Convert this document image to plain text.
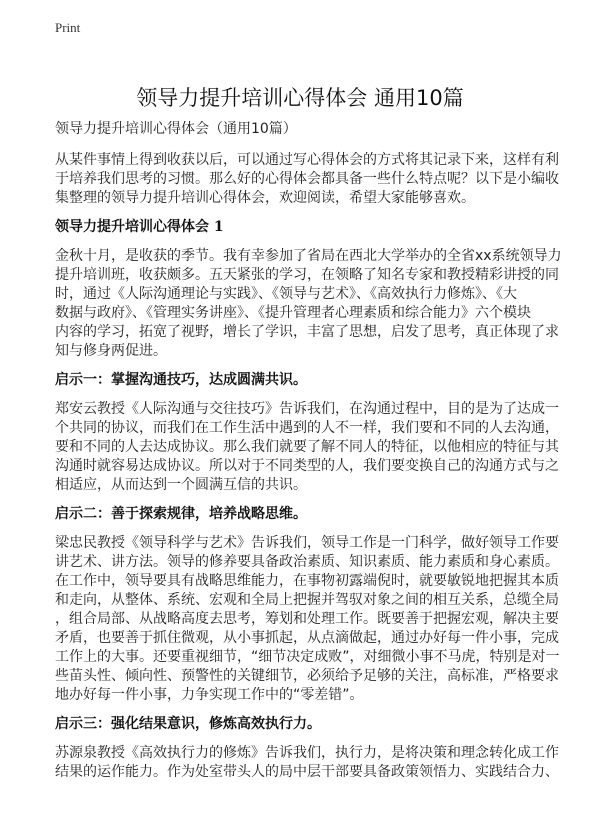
Print
领导力提升培训心得体会 通用10篇
领导力提升培训心得体会（通用10篇）

从某件事情上得到收获以后，可以通过写心得体会的方式将其记录下来，这样有利
于培养我们思考的习惯。那么好的心得体会都具备一些什么特点呢？以下是小编收
集整理的领导力提升培训心得体会，欢迎阅读，希望大家能够喜欢。

领导力提升培训心得体会 1

金秋十月，是收获的季节。我有幸参加了省局在西北大学举办的全省xx系统领导力
提升培训班，收获颇多。五天紧张的学习，在领略了知名专家和教授精彩讲授的同
时，通过《人际沟通理论与实践》、《领导与艺术》、《高效执行力修炼》、《大
数据与政府》、《管理实务讲座》、《提升管理者心理素质和综合能力》六个模块
内容的学习，拓宽了视野，增长了学识，丰富了思想，启发了思考，真正体现了求
知与修身两促进。

启示一：掌握沟通技巧，达成圆满共识。

郑安云教授《人际沟通与交往技巧》告诉我们，在沟通过程中，目的是为了达成一
个共同的协议，而我们在工作生活中遇到的人不一样，我们要和不同的人去沟通，
要和不同的人去达成协议。那么我们就要了解不同人的特征，以他相应的特征与其
沟通时就容易达成协议。所以对于不同类型的人，我们要变换自己的沟通方式与之
相适应，从而达到一个圆满互信的共识。

启示二：善于探索规律，培养战略思维。

梁忠民教授《领导科学与艺术》告诉我们，领导工作是一门科学，做好领导工作要
讲艺术、讲方法。领导的修养要具备政治素质、知识素质、能力素质和身心素质。
在工作中，领导要具有战略思维能力，在事物初露端倪时，就要敏锐地把握其本质
和走向，从整体、系统、宏观和全局上把握并驾驭对象之间的相互关系，总缆全局
，组合局部、从战略高度去思考，筹划和处理工作。既要善于把握宏观，解决主要
矛盾，也要善于抓住微观，从小事抓起，从点滴做起，通过办好每一件小事，完成
工作上的大事。还要重视细节，“细节决定成败”，对细微小事不马虎，特别是对一
些苗头性、倾向性、预警性的关键细节，必须给予足够的关注，高标准，严格要求
地办好每一件小事，力争实现工作中的“零差错”。

启示三：强化结果意识，修炼高效执行力。

苏源泉教授《高效执行力的修炼》告诉我们，执行力，是将决策和理念转化成工作
结果的运作能力。作为处室带头人的局中层干部要具备政策领悟力、实践结合力、
